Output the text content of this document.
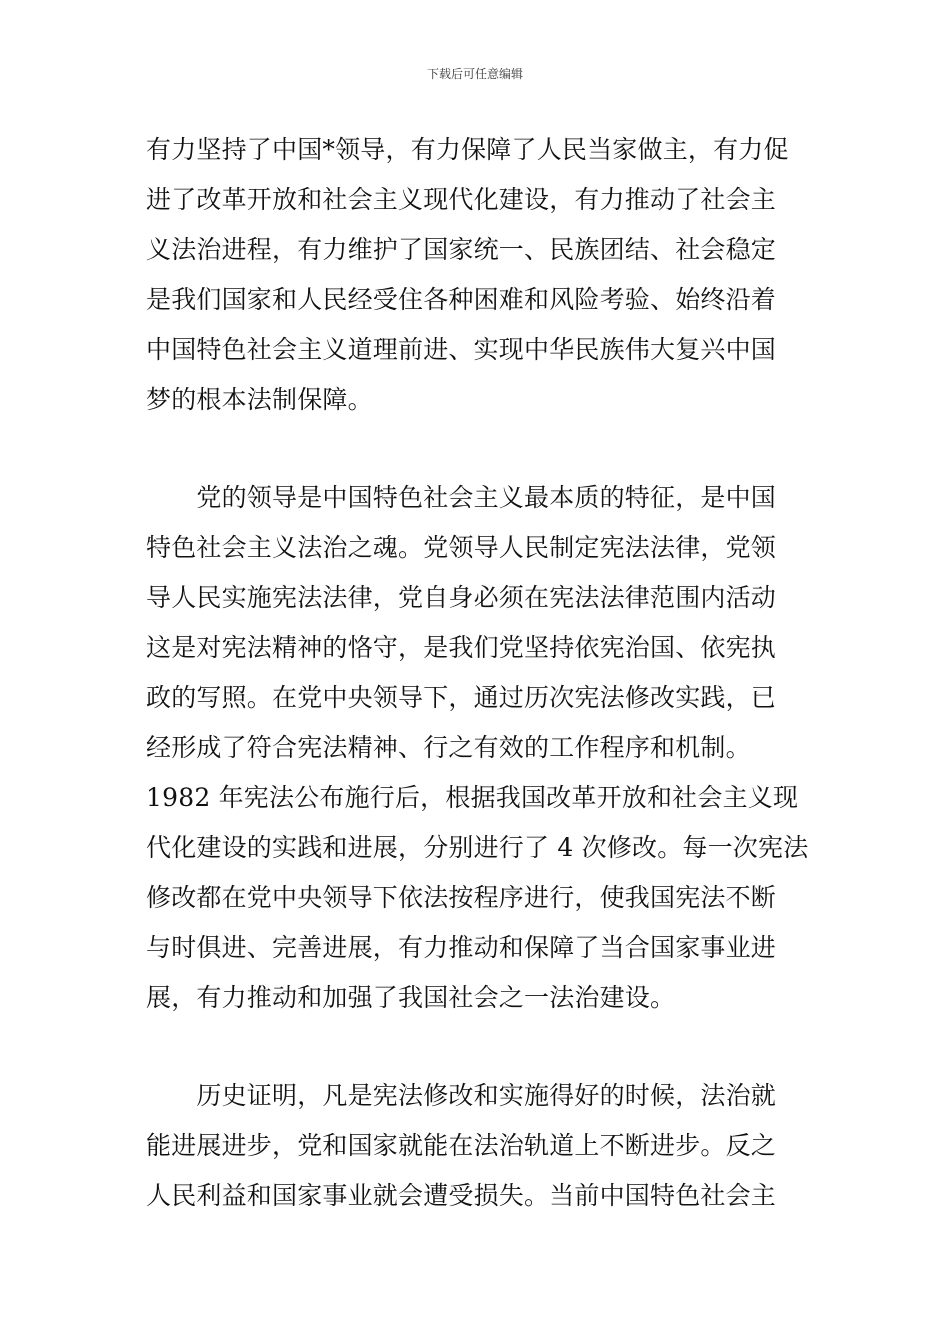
下载后可任意编辑
有力坚持了中国*领导，有力保障了人民当家做主，有力促
进了改革开放和社会主义现代化建设，有力推动了社会主
义法治进程，有力维护了国家统一、民族团结、社会稳定
是我们国家和人民经受住各种困难和风险考验、始终沿着
中国特色社会主义道理前进、实现中华民族伟大复兴中国
梦的根本法制保障。
　　党的领导是中国特色社会主义最本质的特征，是中国
特色社会主义法治之魂。党领导人民制定宪法法律，党领
导人民实施宪法法律，党自身必须在宪法法律范围内活动
这是对宪法精神的恪守，是我们党坚持依宪治国、依宪执
政的写照。在党中央领导下，通过历次宪法修改实践，已
经形成了符合宪法精神、行之有效的工作程序和机制。
1982 年宪法公布施行后，根据我国改革开放和社会主义现
代化建设的实践和进展，分别进行了 4 次修改。每一次宪法
修改都在党中央领导下依法按程序进行，使我国宪法不断
与时俱进、完善进展，有力推动和保障了当合国家事业进
展，有力推动和加强了我国社会之一法治建设。
　　历史证明，凡是宪法修改和实施得好的时候，法治就
能进展进步，党和国家就能在法治轨道上不断进步。反之
人民利益和国家事业就会遭受损失。当前中国特色社会主
